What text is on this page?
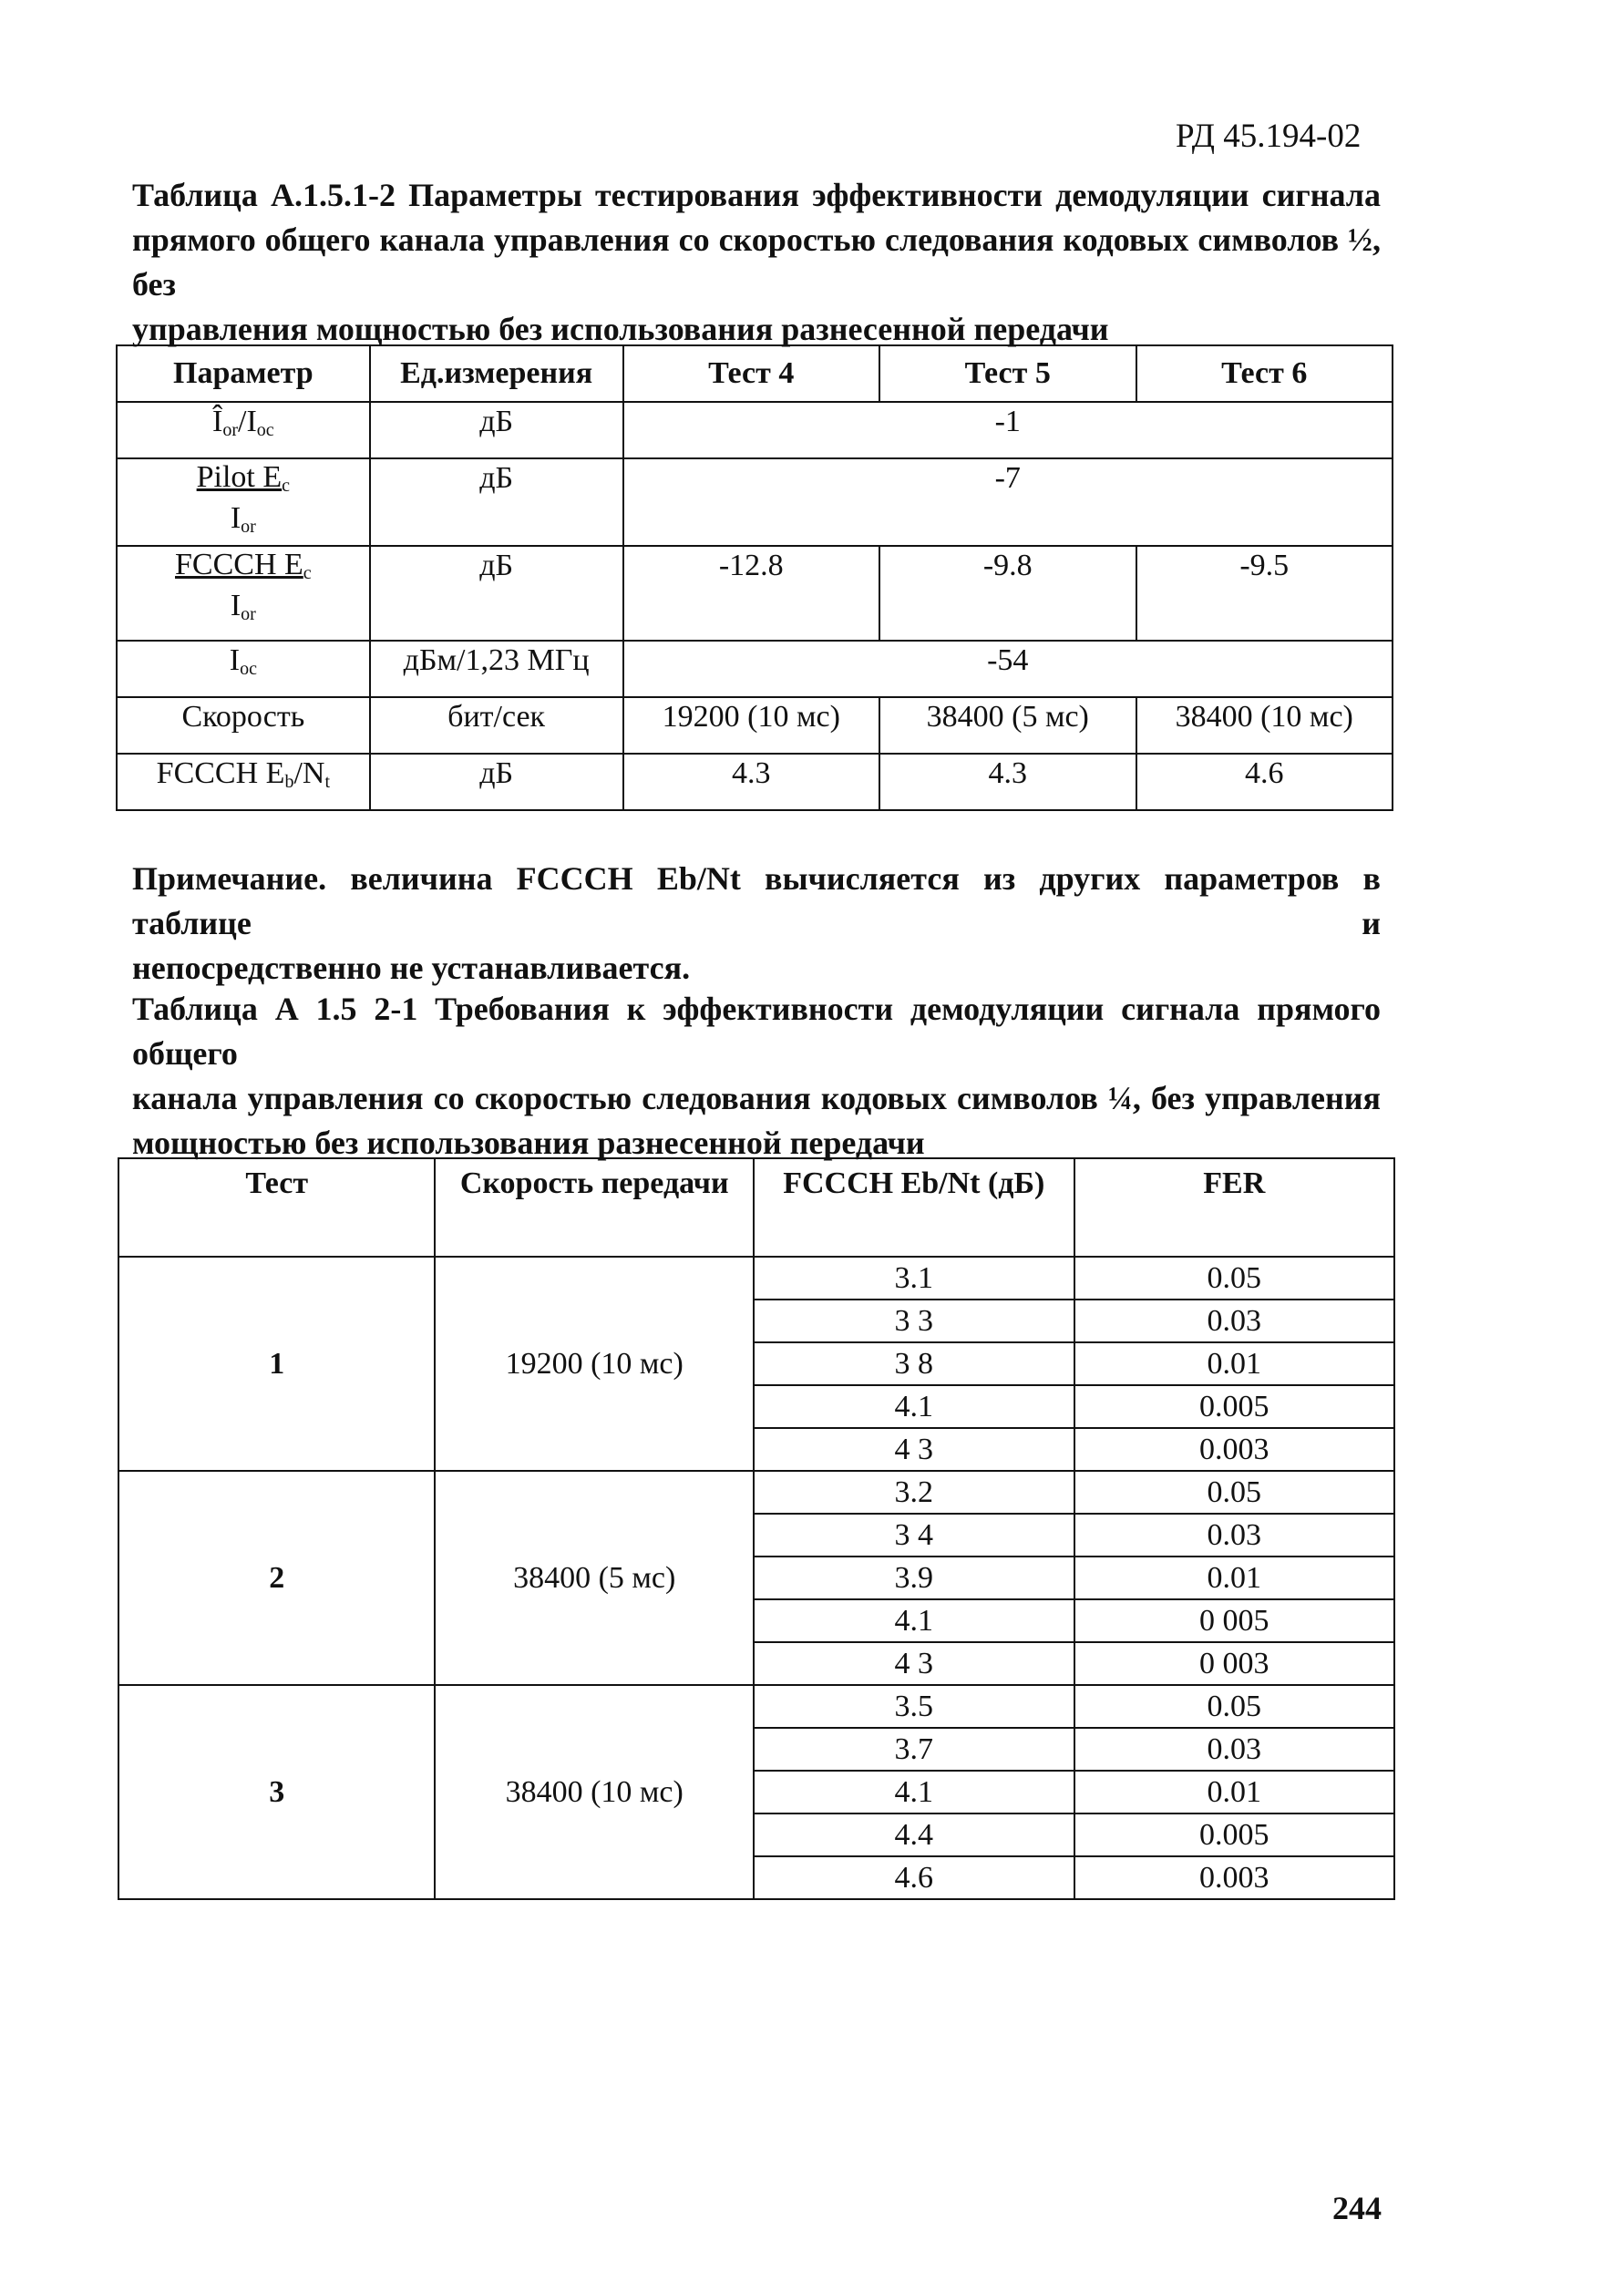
РД 45.194-02
Таблица А.1.5.1-2 Параметры тестирования эффективности демодуляции сигнала
прямого общего канала управления со скоростью следования кодовых символов ½, без
управления мощностью без использования разнесенной передачи
Параметр	Ед.измерения	Тест 4	Тест 5	Тест 6
$Î_{or}/I_{oc}$	дБ	-1		
Pilot $E_c$
$I_{or}$	дБ	-7		
FCCCH $E_c$
$I_{or}$	дБ	-12.8	-9.8	-9.5
$I_{oc}$	дБм/1,23 МГц	-54		
Скорость	бит/сек	19200 (10 мс)	38400 (5 мс)	38400 (10 мс)
FCCCH $E_b/N_t$	дБ	4.3	4.3	4.6
Примечание. величина FCCCH Eb/Nt вычисляется из других параметров в таблице и
непосредственно не устанавливается.
Таблица А 1.5 2-1 Требования к эффективности демодуляции сигнала прямого общего
канала управления со скоростью следования кодовых символов ¼, без управления
мощностью без использования разнесенной передачи
Тест	Скорость передачи	FCCCH Eb/Nt (дБ)	FER
1	19200 (10 мс)	3.1	0.05
		3 3	0.03
		3 8	0.01
		4.1	0.005
		4 3	0.003
2	38400 (5 мс)	3.2	0.05
		3 4	0.03
		3.9	0.01
		4.1	0 005
		4 3	0 003
3	38400 (10 мс)	3.5	0.05
		3.7	0.03
		4.1	0.01
		4.4	0.005
		4.6	0.003
244
